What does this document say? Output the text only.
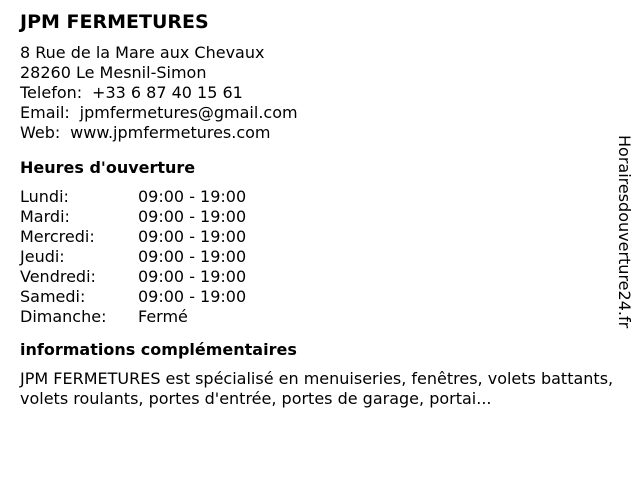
JPM FERMETURES
8 Rue de la Mare aux Chevaux
28260 Le Mesnil-Simon
Telefon: +33 6 87 40 15 61
Email: jpmfermetures@gmail.com
Web: www.jpmfermetures.com
Heures d'ouverture
Lundi:	09:00 - 19:00
Mardi:	09:00 - 19:00
Mercredi:	09:00 - 19:00
Jeudi:	09:00 - 19:00
Vendredi:	09:00 - 19:00
Samedi:	09:00 - 19:00
Dimanche:	Fermé
informations complémentaires
JPM FERMETURES est spécialisé en menuiseries, fenêtres, volets battants, volets roulants, portes d'entrée, portes de garage, portai...
Horairesdouverture24.fr
